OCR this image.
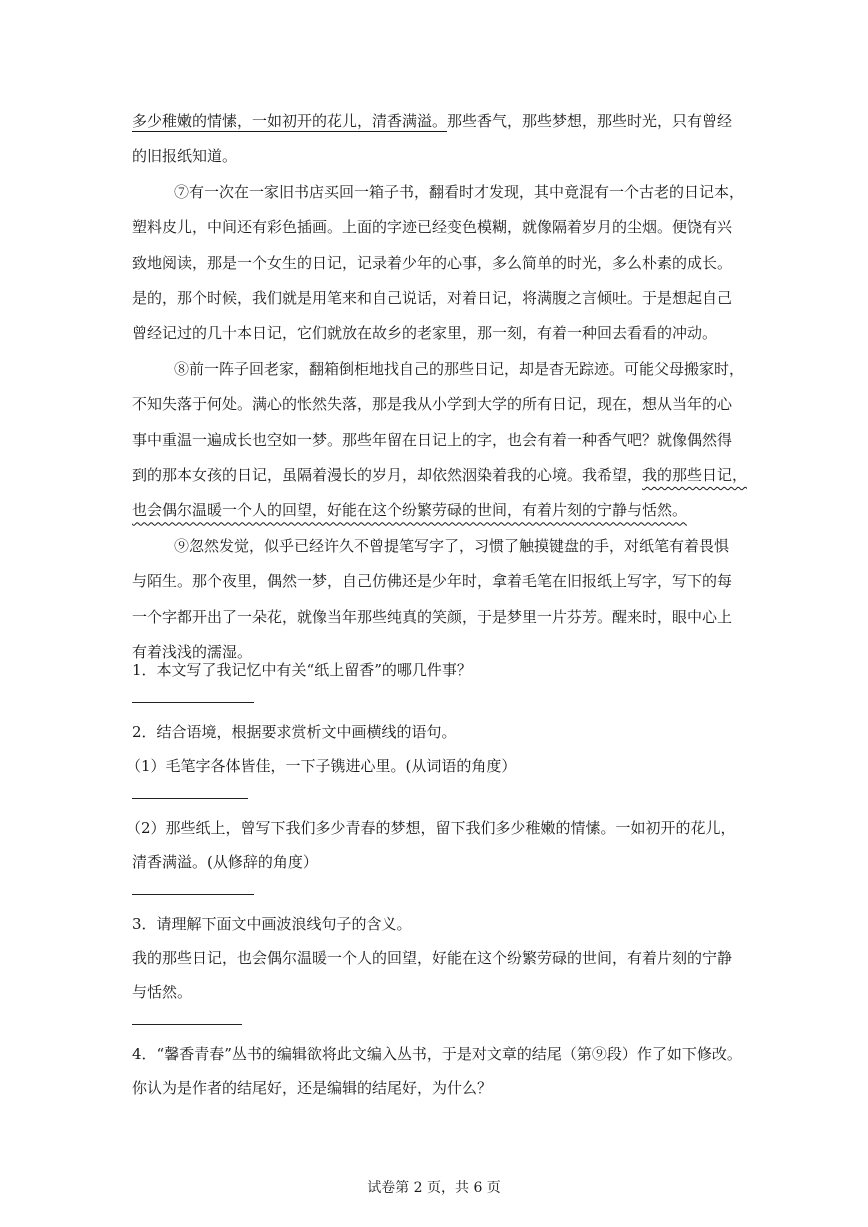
多少稚嫩的情愫，一如初开的花儿，清香满溢。那些香气，那些梦想，那些时光，只有曾经

的旧报纸知道。

⑦有一次在一家旧书店买回一箱子书，翻看时才发现，其中竟混有一个古老的日记本，

塑料皮儿，中间还有彩色插画。上面的字迹已经变色模糊，就像隔着岁月的尘烟。便饶有兴

致地阅读，那是一个女生的日记，记录着少年的心事，多么简单的时光，多么朴素的成长。

是的，那个时候，我们就是用笔来和自己说话，对着日记，将满腹之言倾吐。于是想起自己

曾经记过的几十本日记，它们就放在故乡的老家里，那一刻，有着一种回去看看的冲动。

⑧前一阵子回老家，翻箱倒柜地找自己的那些日记，却是杳无踪迹。可能父母搬家时，

不知失落于何处。满心的怅然失落，那是我从小学到大学的所有日记，现在，想从当年的心

事中重温一遍成长也空如一梦。那些年留在日记上的字，也会有着一种香气吧？就像偶然得

到的那本女孩的日记，虽隔着漫长的岁月，却依然洇染着我的心境。我希望，我的那些日记，

也会偶尔温暖一个人的回望，好能在这个纷繁劳碌的世间，有着片刻的宁静与恬然。

⑨忽然发觉，似乎已经许久不曾提笔写字了，习惯了触摸键盘的手，对纸笔有着畏惧

与陌生。那个夜里，偶然一梦，自己仿佛还是少年时，拿着毛笔在旧报纸上写字，写下的每

一个字都开出了一朵花，就像当年那些纯真的笑颜，于是梦里一片芬芳。醒来时，眼中心上

有着浅浅的濡湿。

1．本文写了我记忆中有关“纸上留香”的哪几件事？

2．结合语境，根据要求赏析文中画横线的语句。

（1）毛笔字各体皆佳，一下子镌进心里。(从词语的角度）

（2）那些纸上，曾写下我们多少青春的梦想，留下我们多少稚嫩的情愫。一如初开的花儿，

清香满溢。(从修辞的角度）

3．请理解下面文中画波浪线句子的含义。

我的那些日记，也会偶尔温暖一个人的回望，好能在这个纷繁劳碌的世间，有着片刻的宁静

与恬然。

4．“馨香青春”丛书的编辑欲将此文编入丛书，于是对文章的结尾（第⑨段）作了如下修改。

你认为是作者的结尾好，还是编辑的结尾好，为什么？

试卷第 2 页，共 6 页
